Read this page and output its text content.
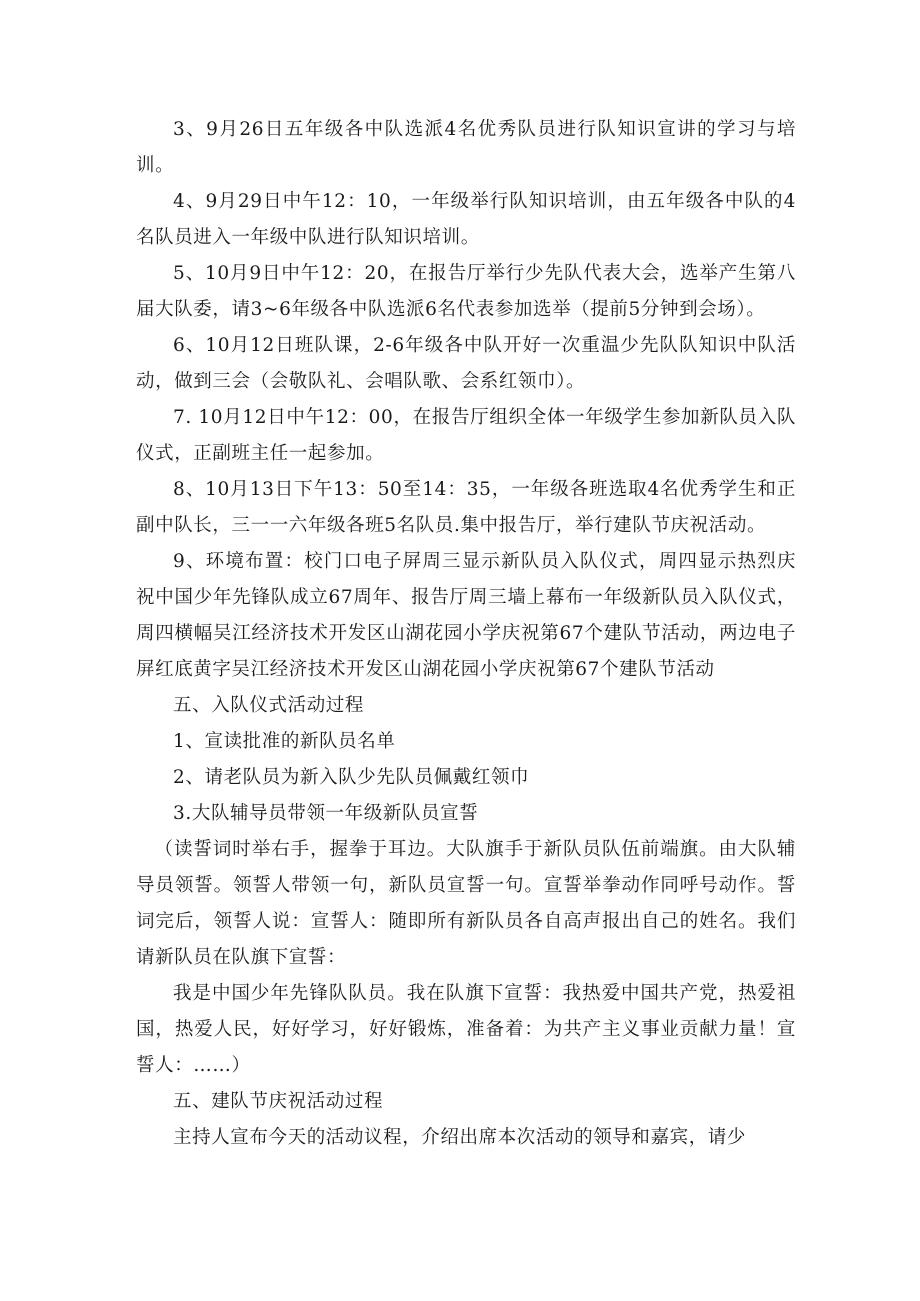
3、9月26日五年级各中队选派4名优秀队员进行队知识宣讲的学习与培训。

4、9月29日中午12：10，一年级举行队知识培训，由五年级各中队的4名队员进入一年级中队进行队知识培训。

5、10月9日中午12：20，在报告厅举行少先队代表大会，选举产生第八届大队委，请3~6年级各中队选派6名代表参加选举（提前5分钟到会场）。

6、10月12日班队课，2-6年级各中队开好一次重温少先队队知识中队活动，做到三会（会敬队礼、会唱队歌、会系红领巾）。

7. 10月12日中午12：00，在报告厅组织全体一年级学生参加新队员入队仪式，正副班主任一起参加。

8、10月13日下午13：50至14：35，一年级各班选取4名优秀学生和正副中队长，三一一六年级各班5名队员.集中报告厅，举行建队节庆祝活动。

9、环境布置：校门口电子屏周三显示新队员入队仪式，周四显示热烈庆祝中国少年先锋队成立67周年、报告厅周三墙上幕布一年级新队员入队仪式，周四横幅吴江经济技术开发区山湖花园小学庆祝第67个建队节活动，两边电子屏红底黄字吴江经济技术开发区山湖花园小学庆祝第67个建队节活动

五、入队仪式活动过程

1、宣读批准的新队员名单

2、请老队员为新入队少先队员佩戴红领巾

3.大队辅导员带领一年级新队员宣誓

（读誓词时举右手，握拳于耳边。大队旗手于新队员队伍前端旗。由大队辅导员领誓。领誓人带领一句，新队员宣誓一句。宣誓举拳动作同呼号动作。誓词完后，领誓人说：宣誓人：随即所有新队员各自高声报出自己的姓名。我们请新队员在队旗下宣誓：

我是中国少年先锋队队员。我在队旗下宣誓：我热爱中国共产党，热爱祖国，热爱人民，好好学习，好好锻炼，准备着：为共产主义事业贡献力量！宣誓人：……）

五、建队节庆祝活动过程

主持人宣布今天的活动议程，介绍出席本次活动的领导和嘉宾，请少
